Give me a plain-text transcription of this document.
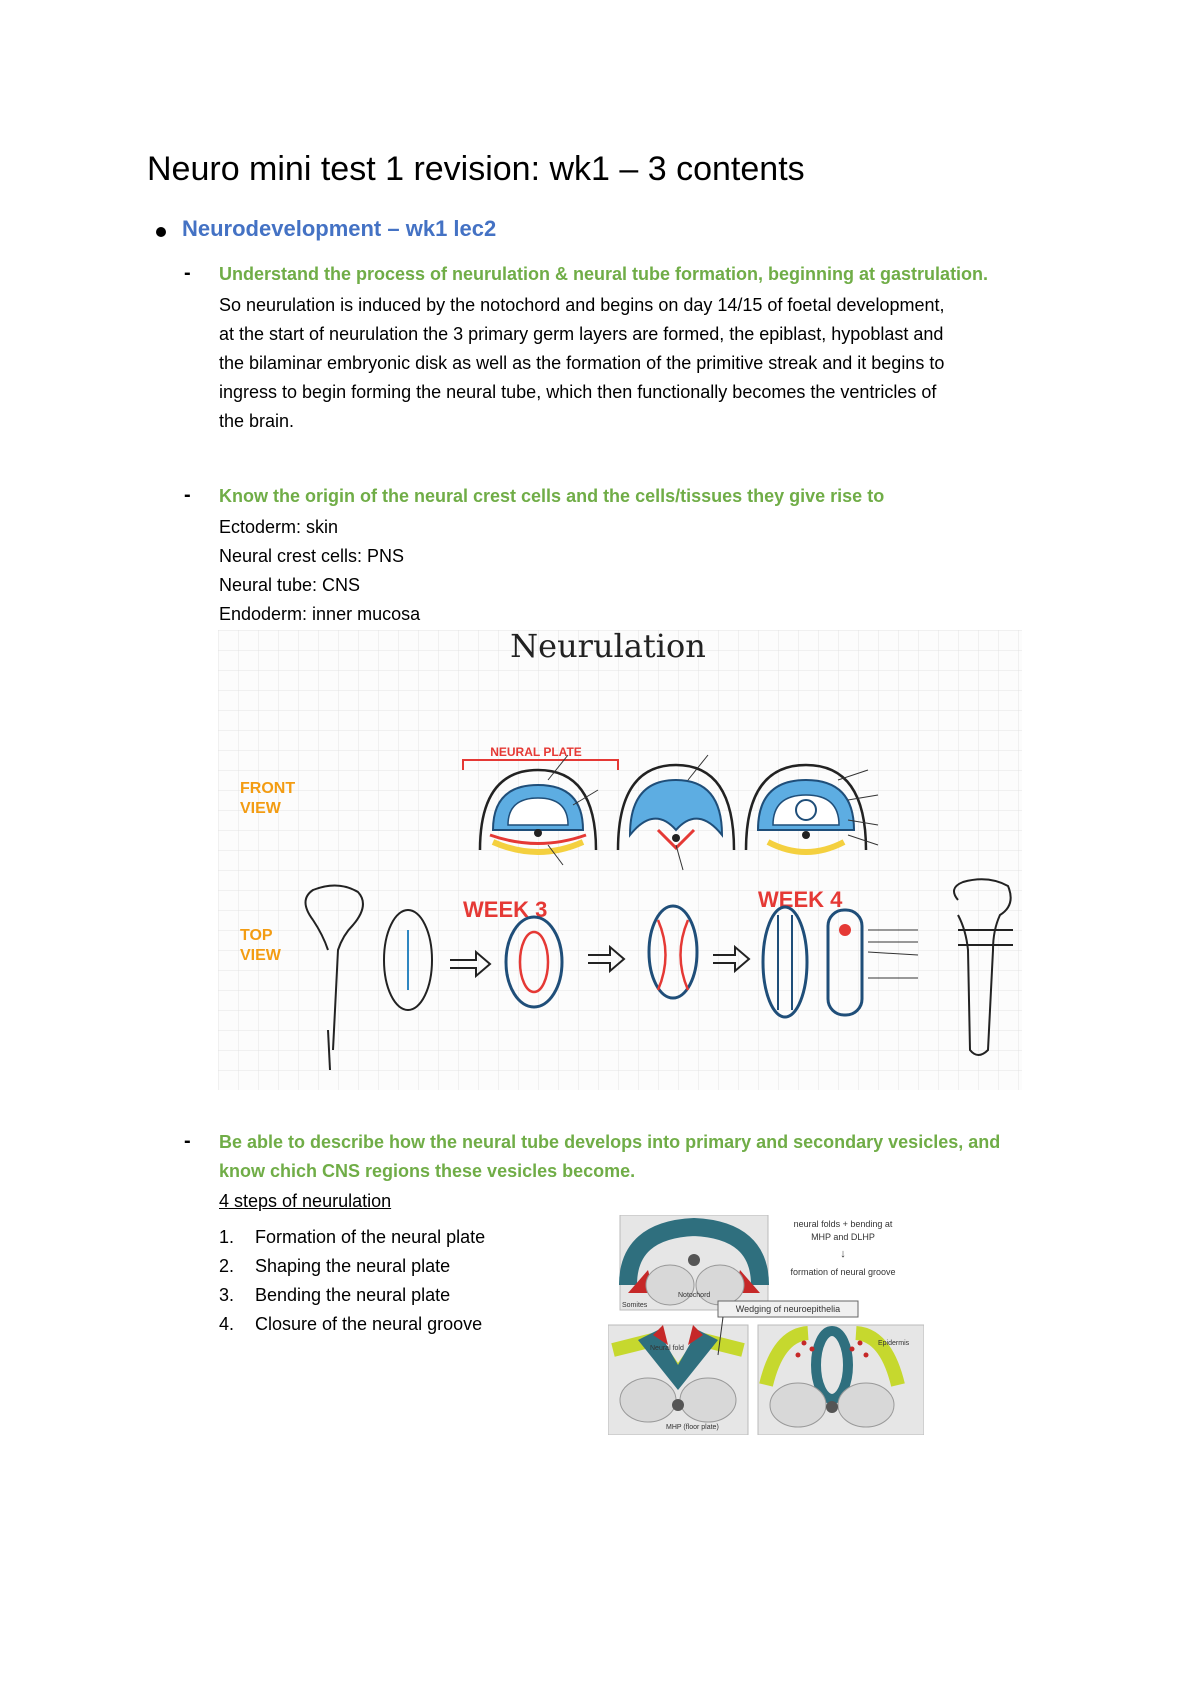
Neuro mini test 1 revision: wk1 – 3 contents
Neurodevelopment – wk1 lec2
- Understand the process of neurulation & neural tube formation, beginning at gastrulation.

So neurulation is induced by the notochord and begins on day 14/15 of foetal development,

at the start of neurulation the 3 primary germ layers are formed, the epiblast, hypoblast and

the bilaminar embryonic disk as well as the formation of the primitive streak and it begins to

ingress to begin forming the neural tube, which then functionally becomes the ventricles of

the brain.

- Know the origin of the neural crest cells and the cells/tissues they give rise to

Ectoderm: skin

Neural crest cells: PNS

Neural tube: CNS

Endoderm: inner mucosa

Neurulation
NEURAL PLATE
FRONT
VIEW
TOP
VIEW
WEEK 3	WEEK 4
- Be able to describe how the neural tube develops into primary and secondary vesicles, and
know chich CNS regions these vesicles become.
4 steps of neurulation
1. Formation of the neural plate
2. Shaping the neural plate
3. Bending the neural plate
4. Closure of the neural groove
Notochord
Somites
neural folds + bending at
MHP and DLHP
↓
formation of neural groove
Wedging of neuroepithelia
Neural fold
MHP (floor plate)
Epidermis
